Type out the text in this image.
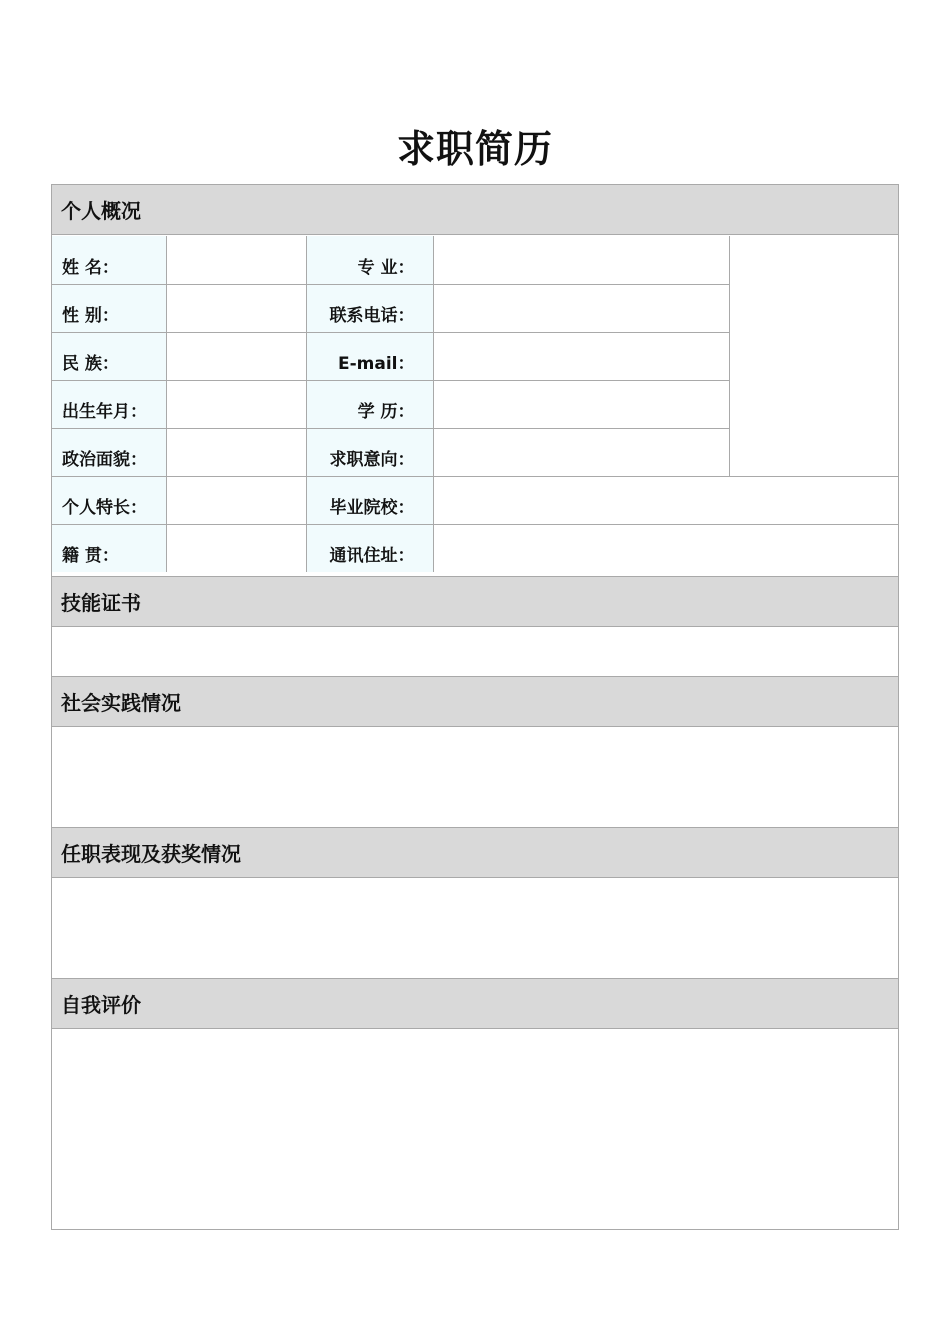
求职简历
个人概况
姓 名：		专 业：		
性 别：		联系电话：		
民 族：		E-mail：		
出生年月：		学 历：		
政治面貌：		求职意向：		
个人特长：		毕业院校：		
籍 贯：		通讯住址：		
技能证书
社会实践情况
任职表现及获奖情况
自我评价
